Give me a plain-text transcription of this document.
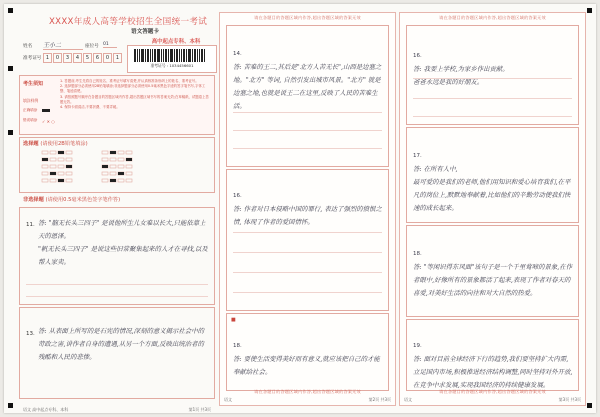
XXXX年成人高等学校招生全国统一考试
语文答题卡
姓名 王小二	座位号 01
准考证号 1	0	3	4	5	6	0	1
高中起点专科、本科
准考证号 : 1034456601
考生须知	1. 答题前,考生先将自己的姓名、准考证号填写清楚,并认真核准条形码上的姓名、准考证号。
2. 选择题部分必须使用2B铅笔填涂;非选择题部分必须使用0.5毫米黑色字迹的签字笔书写,字体工整、笔迹清楚。
3. 请按照题号顺序在各题目的答题区域内作答,超出答题区域书写的答案无效;在草稿纸、试题卷上答题无效。
4. 保持卡面清洁,不要折叠、不要弄破。
填涂样例
正确填涂
错误填涂 ✓ ✕ ○
选择题 (请使用2B铅笔填涂)
非选择题 (请使用0.5毫米黑色签字笔作答)
11. 答: "脑无长头三四子" 是说他所生儿女难以长大,只能依靠上天的恩泽。
"帆无长头三四子" 是说这些旧常聚集起来的人才在寻找,以及帮人家卖。
13. 答: 从表面上所写的是石宪的情况,深刻的意义揭示社会中的苛政之害,讲作者自身的遭遇,从另一个方面,反映出统治者的残酷和人民的悲惨。
语文 高中起点专科、本科	第1页 共3页
请在各题目的答题区域内作答,超出答题区域的答案无效

14.
答: 苦难的王二,其后是"北方人苦无长",山西是边塞之地。"北方" 等词, 自然引发出城市风景。"北方" 就是边塞之地,也就是说王二在这里,反映了人民的苦难生活。

16.
答: 作者对日本侵略中国的罪行, 表达了强烈的愤恨之情, 体现了作者的爱国情怀。

■

18.
答: 要使生活变得美好而有意义,就应该把自己的才能奉献给社会。

请在各题目的答题区域内作答,超出答题区域的答案无效
语文	第2页 共3页
请在各题目的答题区域内作答,超出答题区域的答案无效

16.
答: 我要上学校,为家乡作出贡献。
爸爸永远是我的好朋友。

17.
答: 在所有人中,
最可爱的是我们的老师,他们用知识和爱心培育我们,在平凡的岗位上,默默地奉献着,比如他们的辛勤劳动使我们快速的成长起来。

18.
答: "等闲识得东风面"该句子是一个千里莺啼的景象,在作者眼中,好像所有的景象都活了起来,表现了作者对春天的喜爱,对美好生活的向往和对大自然的热爱。

19.
答: 面对目前全球经济下行的趋势,我们要坚持扩大内需,立足国内市场,积极推进经济结构调整,同时坚持对外开放,在竞争中求发展,实现我国经济的持续健康发展。

请在各题目的答题区域内作答,超出答题区域的答案无效
语文	第3页 共3页
